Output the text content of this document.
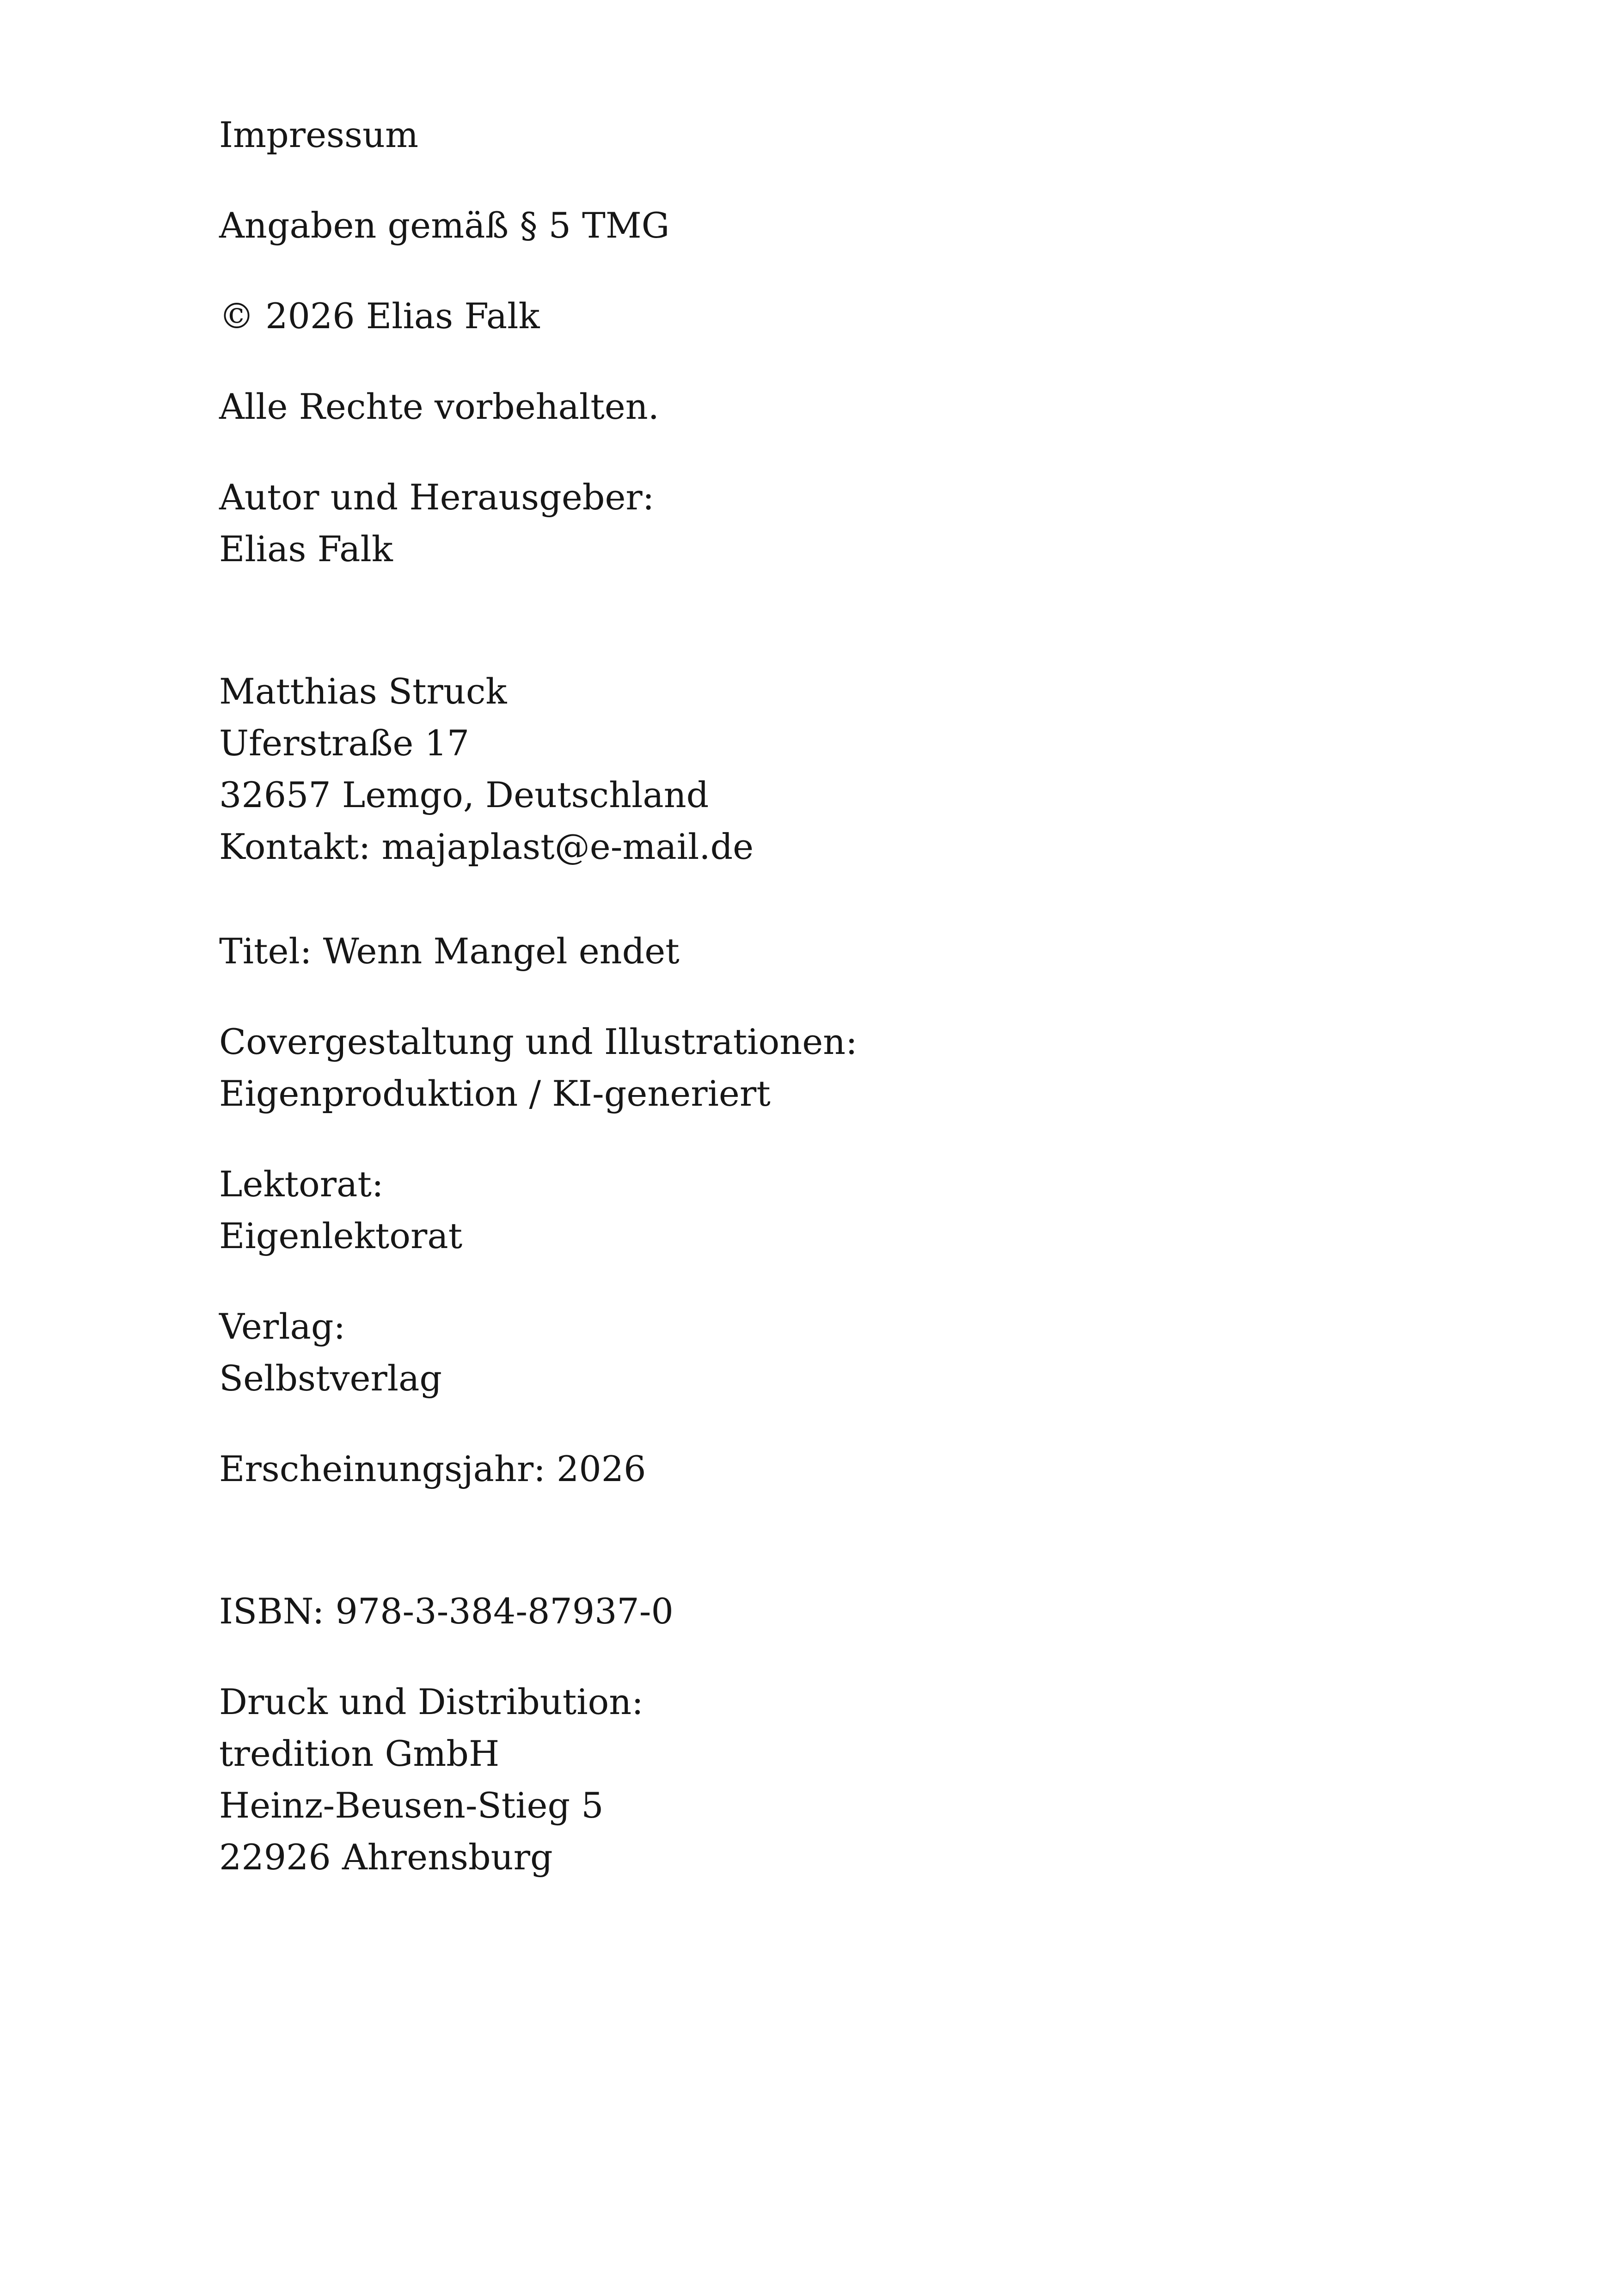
Impressum

Angaben gemäß § 5 TMG

© 2026 Elias Falk

Alle Rechte vorbehalten.

Autor und Herausgeber:

Elias Falk

Matthias Struck

Uferstraße 17

32657 Lemgo, Deutschland

Kontakt: majaplast@e-mail.de

Titel: Wenn Mangel endet

Covergestaltung und Illustrationen:

Eigenproduktion / KI-generiert

Lektorat:

Eigenlektorat

Verlag:

Selbstverlag

Erscheinungsjahr: 2026

ISBN: 978-3-384-87937-0

Druck und Distribution:

tredition GmbH

Heinz-Beusen-Stieg 5

22926 Ahrensburg
